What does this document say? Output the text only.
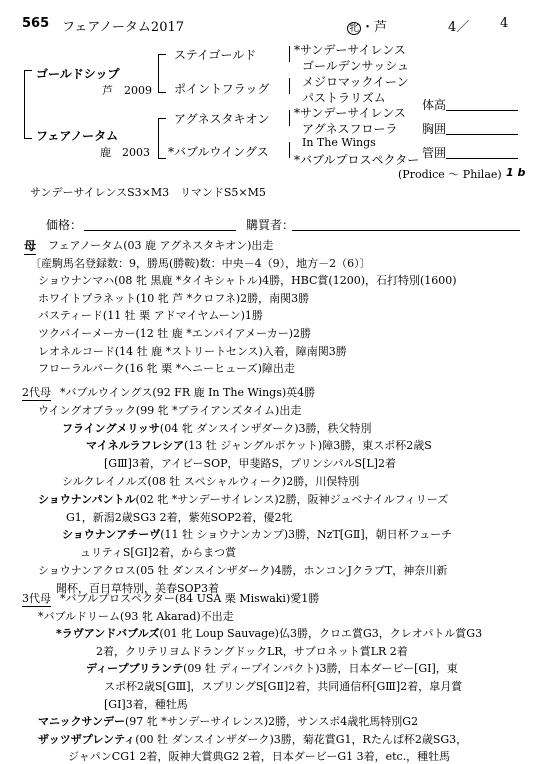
565 フェアノータム2017	牝 ・芦	4／ 4
ゴールドシップ
芦　2009
フェアノータム
鹿　2003
ステイゴールド
ポイントフラッグ
アグネスタキオン
*バブルウイングス
*サンデーサイレンス
ゴールデンサッシュ
メジロマックイーン
パストラリズム
*サンデーサイレンス
アグネスフローラ
In The Wings
*バブルプロスペクター
(Prodice ～ Philae) 1 b
体高
胸囲
管囲
サンデーサイレンスS3×M3　リマンドS5×M5
価格：	購買者：
母 フェアノータム(03 鹿 アグネスタキオン)出走
〔産駒馬名登録数：9，勝馬(勝鞍)数：中央－4（9），地方－2（6）〕
ショウナンマハ(08 牝 黒鹿 *タイキシャトル)4勝，HBC賞(1200)，石打特別(1600)
ホワイトプラネット(10 牝 芦 *クロフネ)2勝，南関3勝
バスティード(11 牡 栗 アドマイヤムーン)1勝
ツクバイーメーカー(12 牡 鹿 *エンパイアメーカー)2勝
レオネルコード(14 牡 鹿 *ストリートセンス)入着，障南関3勝
フローラルパーク(16 牝 栗 *ヘニーヒューズ)障出走
2代母 *バブルウイングス(92 FR 鹿 In The Wings)英4勝
ウイングオブラック(99 牝 *ブライアンズタイム)出走
フライングメリッサ(04 牝 ダンスインザダーク)3勝，秩父特別
マイネルラフレシア(13 牡 ジャングルポケット)障3勝，東スポ杯2歳S
[GⅢ]3着，アイビーSOP，甲斐路S，プリンシパルS[L]2着
シルクレイノルズ(08 牡 スペシャルウィーク)2勝，川俣特別
ショウナンパントル(02 牝 *サンデーサイレンス)2勝，阪神ジュベナイルフィリーズ
G1，新潟2歳SG3 2着，紫苑SOP2着，優2牝
ショウナンアチーヴ(11 牡 ショウナンカンプ)3勝，NzT[GⅡ]，朝日杯フューチ
ュリティS[GⅠ]2着，からまつ賞
ショウナンアクロス(05 牡 ダンスインザダーク)4勝，ホンコンJクラブT，神奈川新
聞杯，百日草特別，美春SOP3着
3代母 *バブルプロスペクター(84 USA 栗 Miswaki)愛1勝
*バブルドリーム(93 牝 Akarad)不出走
*ラヴアンドバブルズ(01 牝 Loup Sauvage)仏3勝，クロエ賞G3，クレオパトル賞G3
2着，クリテリヨムドラングドックLR，サブロネット賞LR 2着
ディープブリランテ(09 牡 ディープインパクト)3勝，日本ダービー[GⅠ]，東
スポ杯2歳S[GⅢ]，スプリングS[GⅡ]2着，共同通信杯[GⅢ]2着，皐月賞
[GⅠ]3着，種牡馬
マニックサンデー(97 牝 *サンデーサイレンス)2勝，サンスポ4歳牝馬特別G2
ザッツザプレンティ(00 牡 ダンスインザダーク)3勝，菊花賞G1，Rたんぱ杯2歳SG3，
ジャパンCG1 2着，阪神大賞典G2 2着，日本ダービーG1 3着，etc.，種牡馬
